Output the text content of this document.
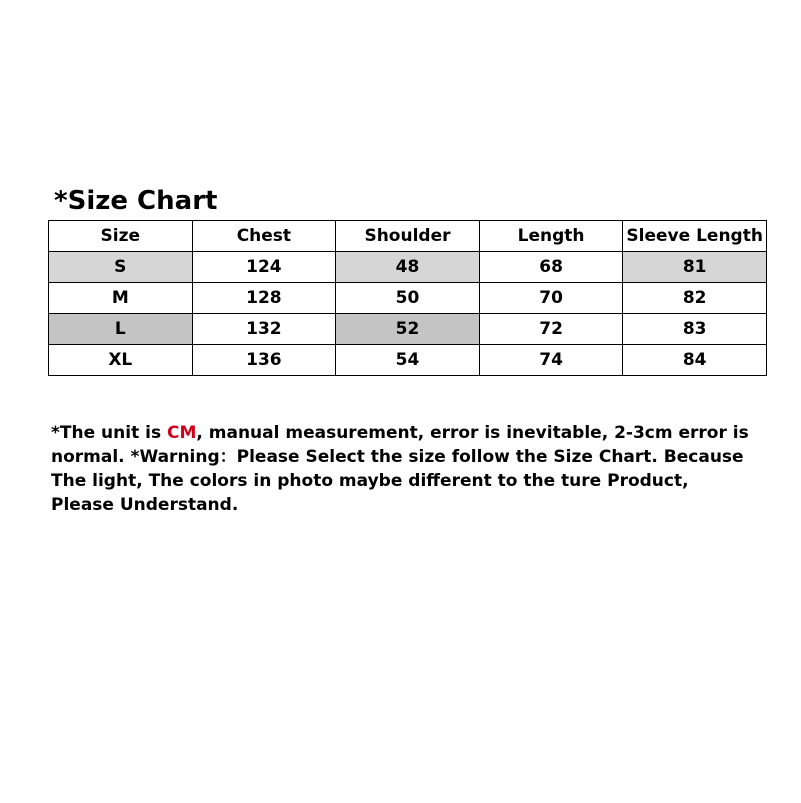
*Size Chart
Size	Chest	Shoulder	Length	Sleeve Length
S	124	48	68	81
M	128	50	70	82
L	132	52	72	83
XL	136	54	74	84
*The unit is CM, manual measurement, error is inevitable, 2-3cm error is normal. *Warning：Please Select the size follow the Size Chart. Because The light, The colors in photo maybe different to the ture Product, Please Understand.
